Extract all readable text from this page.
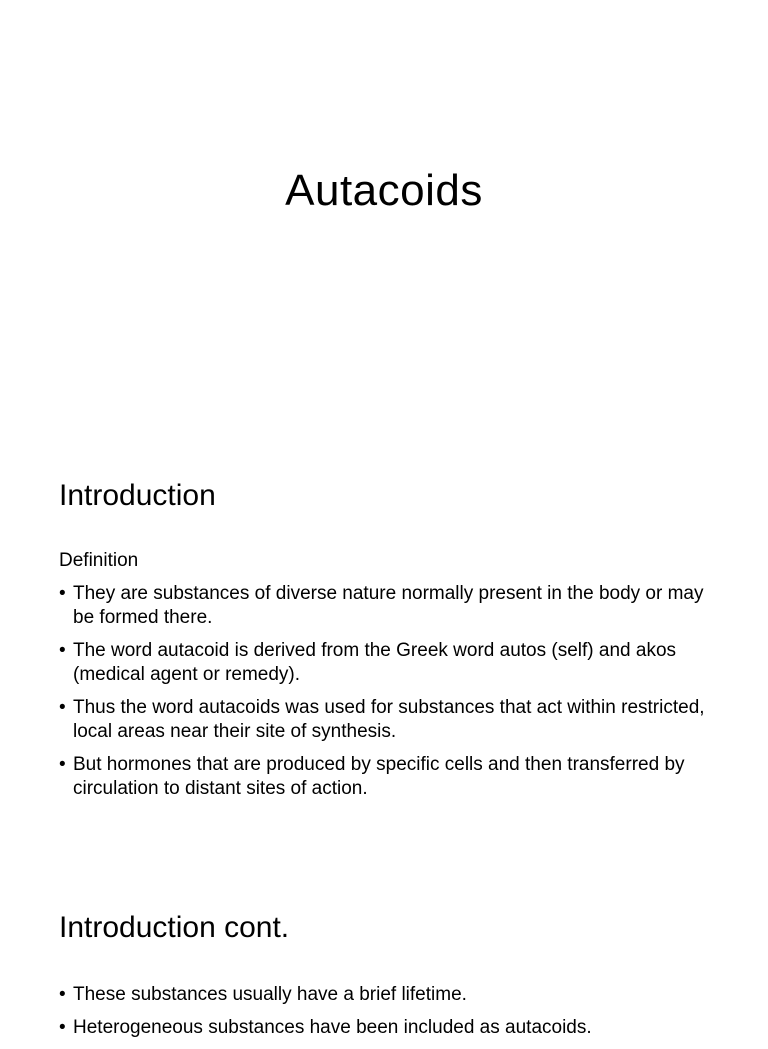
Autacoids
Introduction
Definition
• They are substances of diverse nature normally present in the body or may be formed there.
• The word autacoid is derived from the Greek word autos (self) and akos (medical agent or remedy).
• Thus the word autacoids was used for substances that act within restricted, local areas near their site of synthesis.
• But hormones that are produced by specific cells and then transferred by circulation to distant sites of action.
Introduction cont.
• These substances usually have a brief lifetime.
• Heterogeneous substances have been included as autacoids.
